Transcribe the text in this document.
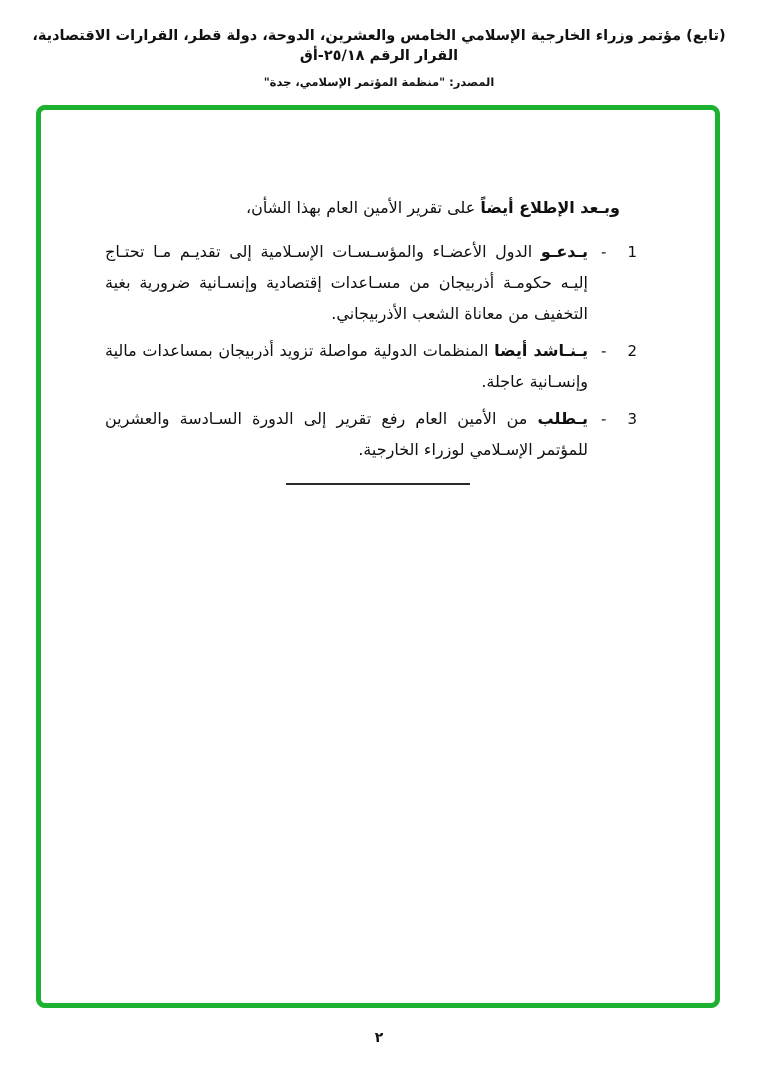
(تابع) مؤتمر وزراء الخارجية الإسلامي الخامس والعشرين، الدوحة، دولة قطر، القرارات الاقتصادية، القرار الرقم ٢٥/١٨-أق
المصدر: "منظمة المؤتمر الإسلامي، جدة"

وبـعد الإطلاع أيضاً على تقرير الأمين العام بهذا الشأن،

- 1

يـدعـو الدول الأعضـاء والمؤسـسـات الإسـلامية إلى تقديـم مـا تحتـاج إليـه حكومـة أذربيجان من مسـاعدات إقتصادية وإنسـانية ضرورية بغية التخفيف من معاناة الشعب الأذربيجاني.

- 2

يـنـاشد أيضا المنظمات الدولية مواصلة تزويد أذربيجان بمساعدات مالية وإنسـانية عاجلة.

- 3

يـطلب من الأمين العام رفع تقرير إلى الدورة السـادسة والعشرين للمؤتمر الإسـلامي لوزراء الخارجية.

٢
